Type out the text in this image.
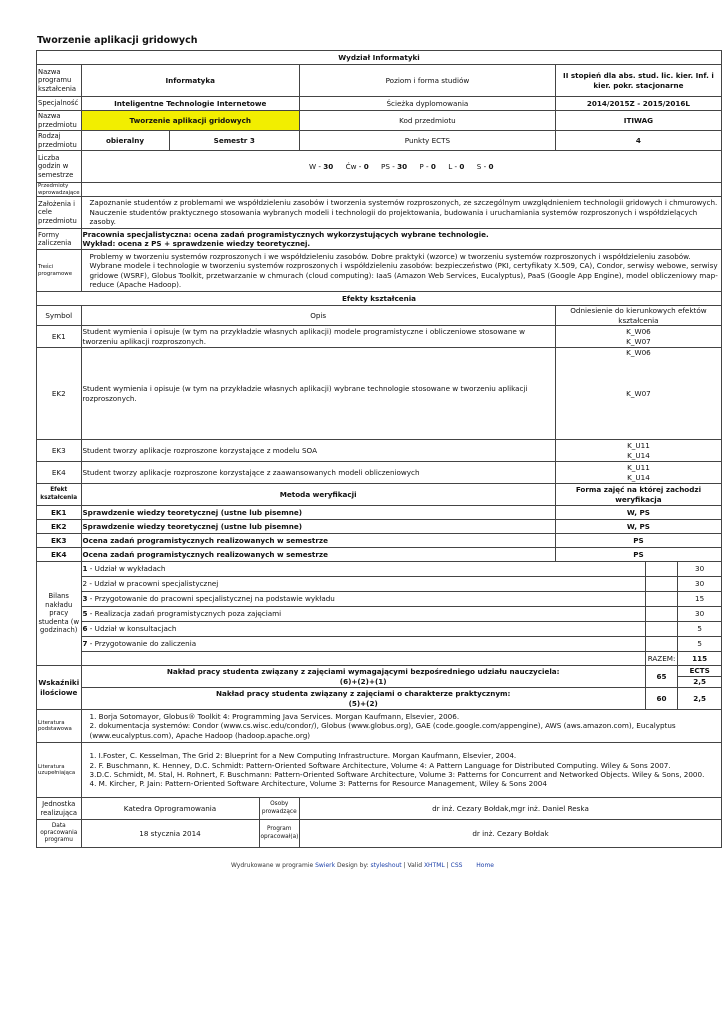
Tworzenie aplikacji gridowych
Wydział Informatyki							
Nazwa programu kształcenia	Informatyka			Poziom i forma studiów	II stopień dla abs. stud. lic. kier. Inf. i kier. pokr. stacjonarne		
Specjalność	Inteligentne Technologie Internetowe			Ścieżka dyplomowania	2014/2015Z - 2015/2016L		
Nazwa przedmiotu	Tworzenie aplikacji gridowych			Kod przedmiotu	ITIWAG		
Rodzaj przedmiotu	obieralny	Semestr 3		Punkty ECTS	4		
Liczba godzin w semestrze	W - 30 Ćw - 0 PS - 30 P - 0 L - 0 S - 0						
Przedmioty wprowadzające							
Założenia i cele przedmiotu	Zapoznanie studentów z problemami we współdzieleniu zasobów i tworzenia systemów rozproszonych, ze szczególnym uwzględnieniem technologii gridowych i chmurowych. Nauczenie studentów praktycznego stosowania wybranych modeli i technologii do projektowania, budowania i uruchamiania systemów rozproszonych i współdzielących zasoby.						
Formy zaliczenia	Pracownia specjalistyczna: ocena zadań programistycznych wykorzystujących wybrane technologie.
Wykład: ocena z PS + sprawdzenie wiedzy teoretycznej.						

Treści programowe	Problemy w tworzeniu systemów rozproszonych i we współdzieleniu zasobów. Dobre praktyki (wzorce) w tworzeniu systemów rozproszonych i współdzieleniu zasobów. Wybrane modele i technologie w tworzeniu systemów rozproszonych i współdzieleniu zasobów: bezpieczeństwo (PKI, certyfikaty X.509, CA), Condor, serwisy webowe, serwisy gridowe (WSRF), Globus Toolkit, przetwarzanie w chmurach (cloud computing): IaaS (Amazon Web Services, Eucalyptus), PaaS (Google App Engine), model obliczeniowy map-reduce (Apache Hadoop).						
Efekty kształcenia							
Symbol	Opis				Odniesienie do kierunkowych efektów kształcenia		
EK1	Student wymienia i opisuje (w tym na przykładzie własnych aplikacji) modele programistyczne i obliczeniowe stosowane w tworzeniu aplikacji rozproszonych.				K_W06
K_W07		

EK2	Student wymienia i opisuje (w tym na przykładzie własnych aplikacji) wybrane technologie stosowane w tworzeniu aplikacji rozproszonych.				K_W06
K_W07		

EK3	Student tworzy aplikacje rozproszone korzystające z modelu SOA				K_U11
K_U14		

EK4	Student tworzy aplikacje rozproszone korzystające z zaawansowanych modeli obliczeniowych				K_U11
K_U14		

Efekt kształcenia	Metoda weryfikacji				Forma zajęć na której zachodzi weryfikacja		
EK1	Sprawdzenie wiedzy teoretycznej (ustne lub pisemne)				W, PS		
EK2	Sprawdzenie wiedzy teoretycznej (ustne lub pisemne)				W, PS		
EK3	Ocena zadań programistycznych realizowanych w semestrze				PS		
EK4	Ocena zadań programistycznych realizowanych w semestrze				PS		
Bilans nakładu pracy studenta (w godzinach)	1 - Udział w wykładach						30
	2 - Udział w pracowni specjalistycznej						30
	3 - Przygotowanie do pracowni specjalistycznej na podstawie wykładu						15
	5 - Realizacja zadań programistycznych poza zajęciami						30
	6 - Udział w konsultacjach						5
	7 - Przygotowanie do zaliczenia						5
						RAZEM:	115
Wskaźniki ilościowe	Nakład pracy studenta związany z zajęciami wymagającymi bezpośredniego udziału nauczyciela:
(6)+(2)+(1)					65	ECTS
							2,5

	Nakład pracy studenta związany z zajęciami o charakterze praktycznym:
(5)+(2)					60	2,5

Literatura podstawowa	1. Borja Sotomayor, Globus® Toolkit 4: Programming Java Services. Morgan Kaufmann, Elsevier, 2006.
2. dokumentacja systemów: Condor (www.cs.wisc.edu/condor/), Globus (www.globus.org), GAE (code.google.com/appengine), AWS (aws.amazon.com), Eucalyptus (www.eucalyptus.com), Apache Hadoop (hadoop.apache.org)						

Literatura uzupełniająca	1. I.Foster, C. Kesselman, The Grid 2: Blueprint for a New Computing Infrastructure. Morgan Kaufmann, Elsevier, 2004.
2. F. Buschmann, K. Henney, D.C. Schmidt: Pattern-Oriented Software Architecture, Volume 4: A Pattern Language for Distributed Computing. Wiley & Sons 2007.
3.D.C. Schmidt, M. Stal, H. Rohnert, F. Buschmann: Pattern-Oriented Software Architecture, Volume 3: Patterns for Concurrent and Networked Objects. Wiley & Sons, 2000.
4. M. Kircher, P. Jain: Pattern-Oriented Software Architecture, Volume 3: Patterns for Resource Management, Wiley & Sons 2004						

Jednostka realizująca	Katedra Oprogramowania		Osoby prowadzące	dr inż. Cezary Bołdak,mgr inż. Daniel Reska			
Data opracowania programu	18 stycznia 2014		Program opracował(a)	dr inż. Cezary Bołdak			
Wydrukowane w programie Swierk Design by: styleshout | Valid XHTML | CSS Home
